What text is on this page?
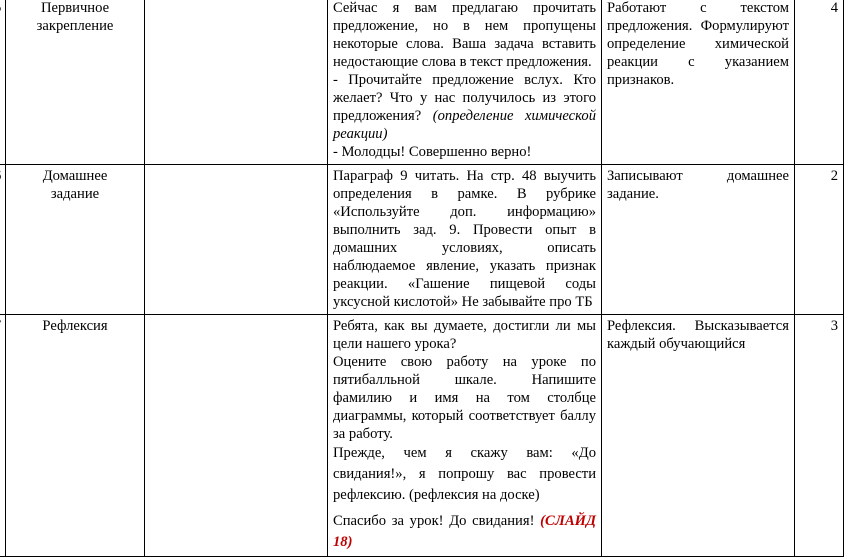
Первичное
закрепление		Сейчас я вам предлагаю прочитать предложение, но в нем пропущены некоторые слова. Ваша задача вставить недостающие слова в текст предложения.
- Прочитайте предложение вслух. Кто желает? Что у нас получилось из этого предложения? (определение химической реакции)
- Молодцы! Совершенно верно!	Работают с текстом предложения. Формулируют определение химической реакции с указанием признаков.	4

Домашнее
задание		Параграф 9 читать. На стр. 48 выучить определения в рамке. В рубрике «Используйте доп. информацию» выполнить зад. 9. Провести опыт в домашних условиях, описать наблюдаемое явление, указать признак реакции. «Гашение пищевой соды уксусной кислотой» Не забывайте про ТБ	Записывают домашнее задание.	2

Рефлексия		Ребята, как вы думаете, достигли ли мы цели нашего урока?
Оцените свою работу на уроке по пятибалльной шкале. Напишите фамилию и имя на том столбце диаграммы, который соответствует баллу за работу.
Прежде, чем я скажу вам: «До свидания!», я попрошу вас провести рефлексию. (рефлексия на доске)
Спасибо за урок! До свидания! (СЛАЙД 18)	Рефлексия. Высказывается каждый обучающийся	3
